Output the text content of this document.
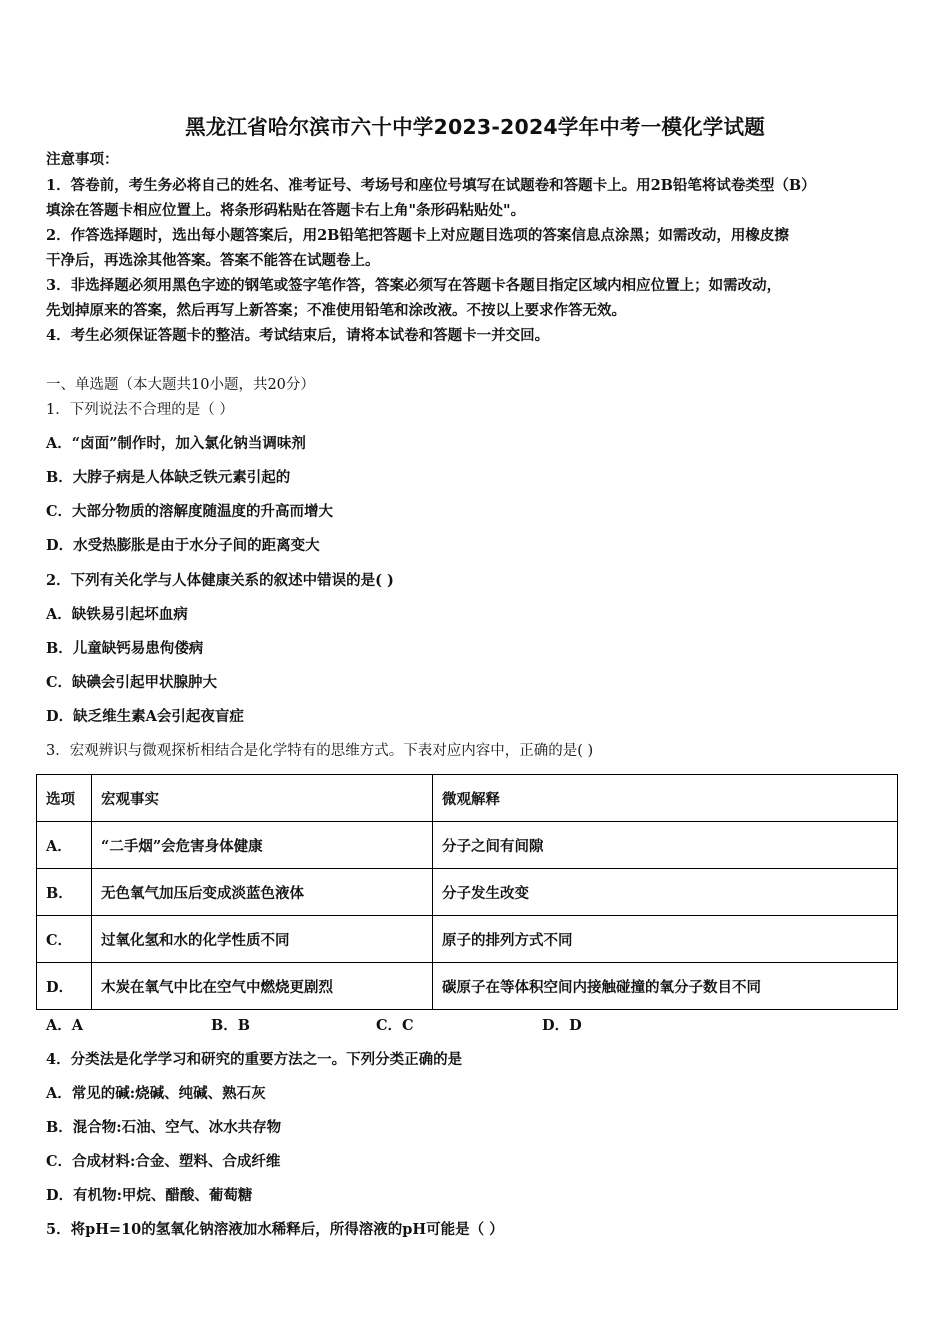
黑龙江省哈尔滨市六十中学2023-2024学年中考一模化学试题
注意事项：
1．答卷前，考生务必将自己的姓名、准考证号、考场号和座位号填写在试题卷和答题卡上。用2B铅笔将试卷类型（B）
填涂在答题卡相应位置上。将条形码粘贴在答题卡右上角"条形码粘贴处"。
2．作答选择题时，选出每小题答案后，用2B铅笔把答题卡上对应题目选项的答案信息点涂黑；如需改动，用橡皮擦
干净后，再选涂其他答案。答案不能答在试题卷上。
3．非选择题必须用黑色字迹的钢笔或签字笔作答，答案必须写在答题卡各题目指定区域内相应位置上；如需改动，
先划掉原来的答案，然后再写上新答案；不准使用铅笔和涂改液。不按以上要求作答无效。
4．考生必须保证答题卡的整洁。考试结束后，请将本试卷和答题卡一并交回。
一、单选题（本大题共10小题，共20分）
1．下列说法不合理的是（ ）
A．“卤面”制作时，加入氯化钠当调味剂
B．大脖子病是人体缺乏铁元素引起的
C．大部分物质的溶解度随温度的升高而增大
D．水受热膨胀是由于水分子间的距离变大
2．下列有关化学与人体健康关系的叙述中错误的是( )
A．缺铁易引起坏血病
B．儿童缺钙易患佝偻病
C．缺碘会引起甲状腺肿大
D．缺乏维生素A会引起夜盲症
3．宏观辨识与微观探析相结合是化学特有的思维方式。下表对应内容中，正确的是( )
选项	宏观事实	微观解释
A．	“二手烟”会危害身体健康	分子之间有间隙
B．	无色氧气加压后变成淡蓝色液体	分子发生改变
C．	过氧化氢和水的化学性质不同	原子的排列方式不同
D．	木炭在氧气中比在空气中燃烧更剧烈	碳原子在等体积空间内接触碰撞的氧分子数目不同
A．A	B．B	C．C	D．D
4．分类法是化学学习和研究的重要方法之一。下列分类正确的是
A．常见的碱:烧碱、纯碱、熟石灰
B．混合物:石油、空气、冰水共存物
C．合成材料:合金、塑料、合成纤维
D．有机物:甲烷、醋酸、葡萄糖
5．将pH=10的氢氧化钠溶液加水稀释后，所得溶液的pH可能是（ ）
